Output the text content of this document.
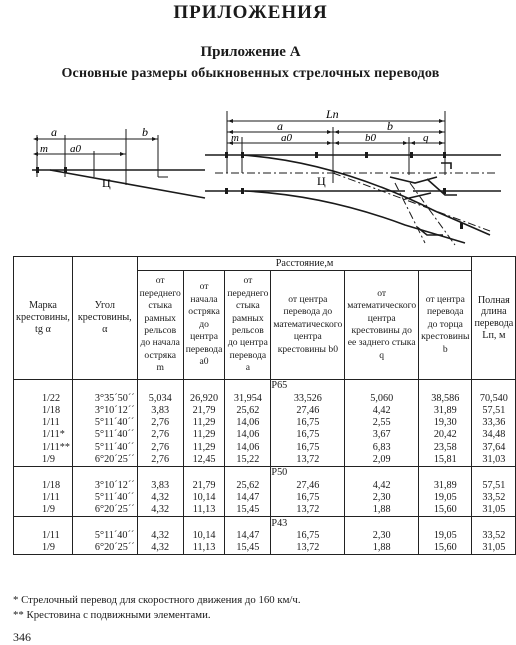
ПРИЛОЖЕНИЯ
Приложение А
Основные размеры обыкновенных стрелочных переводов
a	b
m a0
Ц
Lп
a	b
m	a0	b0	q
Ц
Марка крестовины, tg α	Угол крестовины, α	Расстояние,м						Полная длина перевода Lп, м
		от переднего стыка рамных рельсов до начала остряка m	от начала остряка до центра перевода a0	от переднего стыка рамных рельсов до центра перевода a	от центра перевода до математического центра крестовины b0	от математического центра крестовины до ее заднего стыка q	от центра перевода до торца крестовины b	
					Р65			
1/22	3°35´50´´	5,034	26,920	31,954	33,526	5,060	38,586	70,540
1/18	3°10´12´´	3,83	21,79	25,62	27,46	4,42	31,89	57,51
1/11	5°11´40´´	2,76	11,29	14,06	16,75	2,55	19,30	33,36
1/11*	5°11´40´´	2,76	11,29	14,06	16,75	3,67	20,42	34,48
1/11**	5°11´40´´	2,76	11,29	14,06	16,75	6,83	23,58	37,64
1/9	6°20´25´´	2,76	12,45	15,22	13,72	2,09	15,81	31,03
					Р50			
1/18	3°10´12´´	3,83	21,79	25,62	27,46	4,42	31,89	57,51
1/11	5°11´40´´	4,32	10,14	14,47	16,75	2,30	19,05	33,52
1/9	6°20´25´´	4,32	11,13	15,45	13,72	1,88	15,60	31,05
					Р43			
1/11	5°11´40´´	4,32	10,14	14,47	16,75	2,30	19,05	33,52
1/9	6°20´25´´	4,32	11,13	15,45	13,72	1,88	15,60	31,05
* Стрелочный перевод для скоростного движения до 160 км/ч.
** Крестовина с подвижными элементами.
346
